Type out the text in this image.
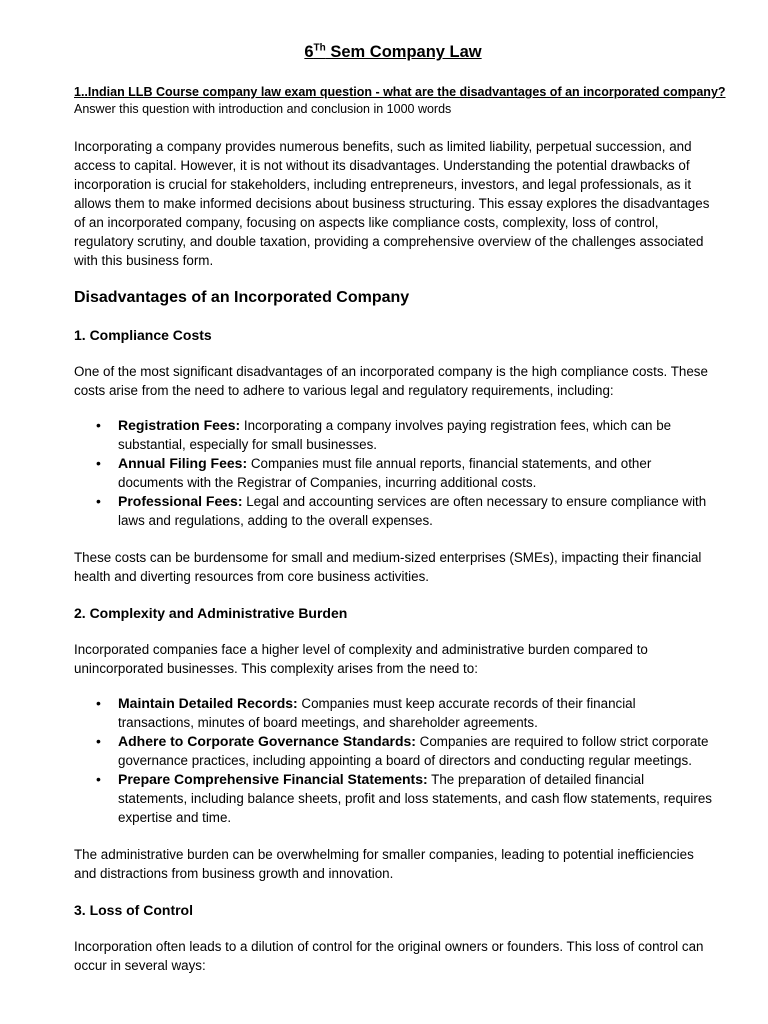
6Th Sem Company Law
1..Indian LLB Course company law exam question - what are the disadvantages of an incorporated company?
Answer this question with introduction and conclusion in 1000 words

Incorporating a company provides numerous benefits, such as limited liability, perpetual succession, and access to capital. However, it is not without its disadvantages. Understanding the potential drawbacks of incorporation is crucial for stakeholders, including entrepreneurs, investors, and legal professionals, as it allows them to make informed decisions about business structuring. This essay explores the disadvantages of an incorporated company, focusing on aspects like compliance costs, complexity, loss of control, regulatory scrutiny, and double taxation, providing a comprehensive overview of the challenges associated with this business form.

Disadvantages of an Incorporated Company
1. Compliance Costs

One of the most significant disadvantages of an incorporated company is the high compliance costs. These costs arise from the need to adhere to various legal and regulatory requirements, including:

• Registration Fees: Incorporating a company involves paying registration fees, which can be substantial, especially for small businesses.
• Annual Filing Fees: Companies must file annual reports, financial statements, and other documents with the Registrar of Companies, incurring additional costs.
• Professional Fees: Legal and accounting services are often necessary to ensure compliance with laws and regulations, adding to the overall expenses.

These costs can be burdensome for small and medium-sized enterprises (SMEs), impacting their financial health and diverting resources from core business activities.

2. Complexity and Administrative Burden

Incorporated companies face a higher level of complexity and administrative burden compared to unincorporated businesses. This complexity arises from the need to:

• Maintain Detailed Records: Companies must keep accurate records of their financial transactions, minutes of board meetings, and shareholder agreements.
• Adhere to Corporate Governance Standards: Companies are required to follow strict corporate governance practices, including appointing a board of directors and conducting regular meetings.
• Prepare Comprehensive Financial Statements: The preparation of detailed financial statements, including balance sheets, profit and loss statements, and cash flow statements, requires expertise and time.

The administrative burden can be overwhelming for smaller companies, leading to potential inefficiencies and distractions from business growth and innovation.

3. Loss of Control

Incorporation often leads to a dilution of control for the original owners or founders. This loss of control can occur in several ways:
